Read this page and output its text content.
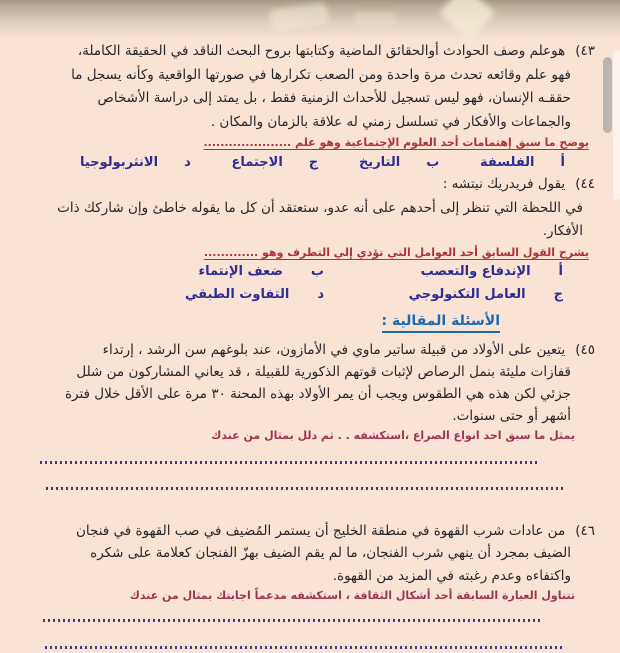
٤٣)هوعلم وصف الحوادث أوالحقائق الماضية وكتابتها بروح البحث الناقد في الحقيقة الكاملة،
فهو علم وقائعه تحدث مرة واحدة ومن الصعب تكرارها في صورتها الواقعية وكأنه يسجل ما
حققـه الإنسان، فهو ليس تسجيل للأحداث الزمنية فقط ، بل يمتد إلى دراسة الأشخاص
والجماعات والأفكار في تسلسل زمني له علاقة بالزمان والمكان .
يوضح ما سبق إهتمامات أحد العلوم الإجتماعية وهو علم .....................
أ
الفلسفة
ب
التاريخ
ج
الاجتماع
د
الانثربولوجيا
٤٤)يقول فريدريك نيتشه :
في اللحظة التي تنظر إلى أحدهم على أنه عدو، ستعتقد أن كل ما يقوله خاطئ وإن شاركك ذات
الأفكار.
يشرح القول السابق أحد العوامل التي تؤدي إلي التطرف وهو .............
أ
الإندفاع والتعصب
ب
ضعف الإنتماء
ج
العامل التكنولوجي
د
التفاوت الطبقي
الأسئلة المقالية :
٤٥)يتعين على الأولاد من قبيلة ساتير ماوي في الأمازون، عند بلوغهم سن الرشد ، إرتداء
قفازات مليئة بنمل الرصاص لإثبات قوتهم الذكورية للقبيلة ، قد يعاني المشاركون من شلل
جزئي لكن هذه هي الطقوس ويجب أن يمر الأولاد بهذه المحنة ٣٠ مرة على الأقل خلال فترة
أشهر أو حتى سنوات.
يمثل ما سبق احد انواع الصراع ،استكشفه . . ثم دلل بمثال من عندك
٤٦)من عادات شرب القهوة في منطقة الخليج أن يستمر المُضيف في صب القهوة في فنجان
الضيف بمجرد أن ينهي شرب الفنجان، ما لم يقم الضيف بهزّ الفنجان كعلامة على شكره
واكتفاءه وعدم رغبته في المزيد من القهوة.
تتناول العبارة السابقة أحد أشكال الثقافة ، استكشفه مدعماً اجابتك بمثال من عندك
